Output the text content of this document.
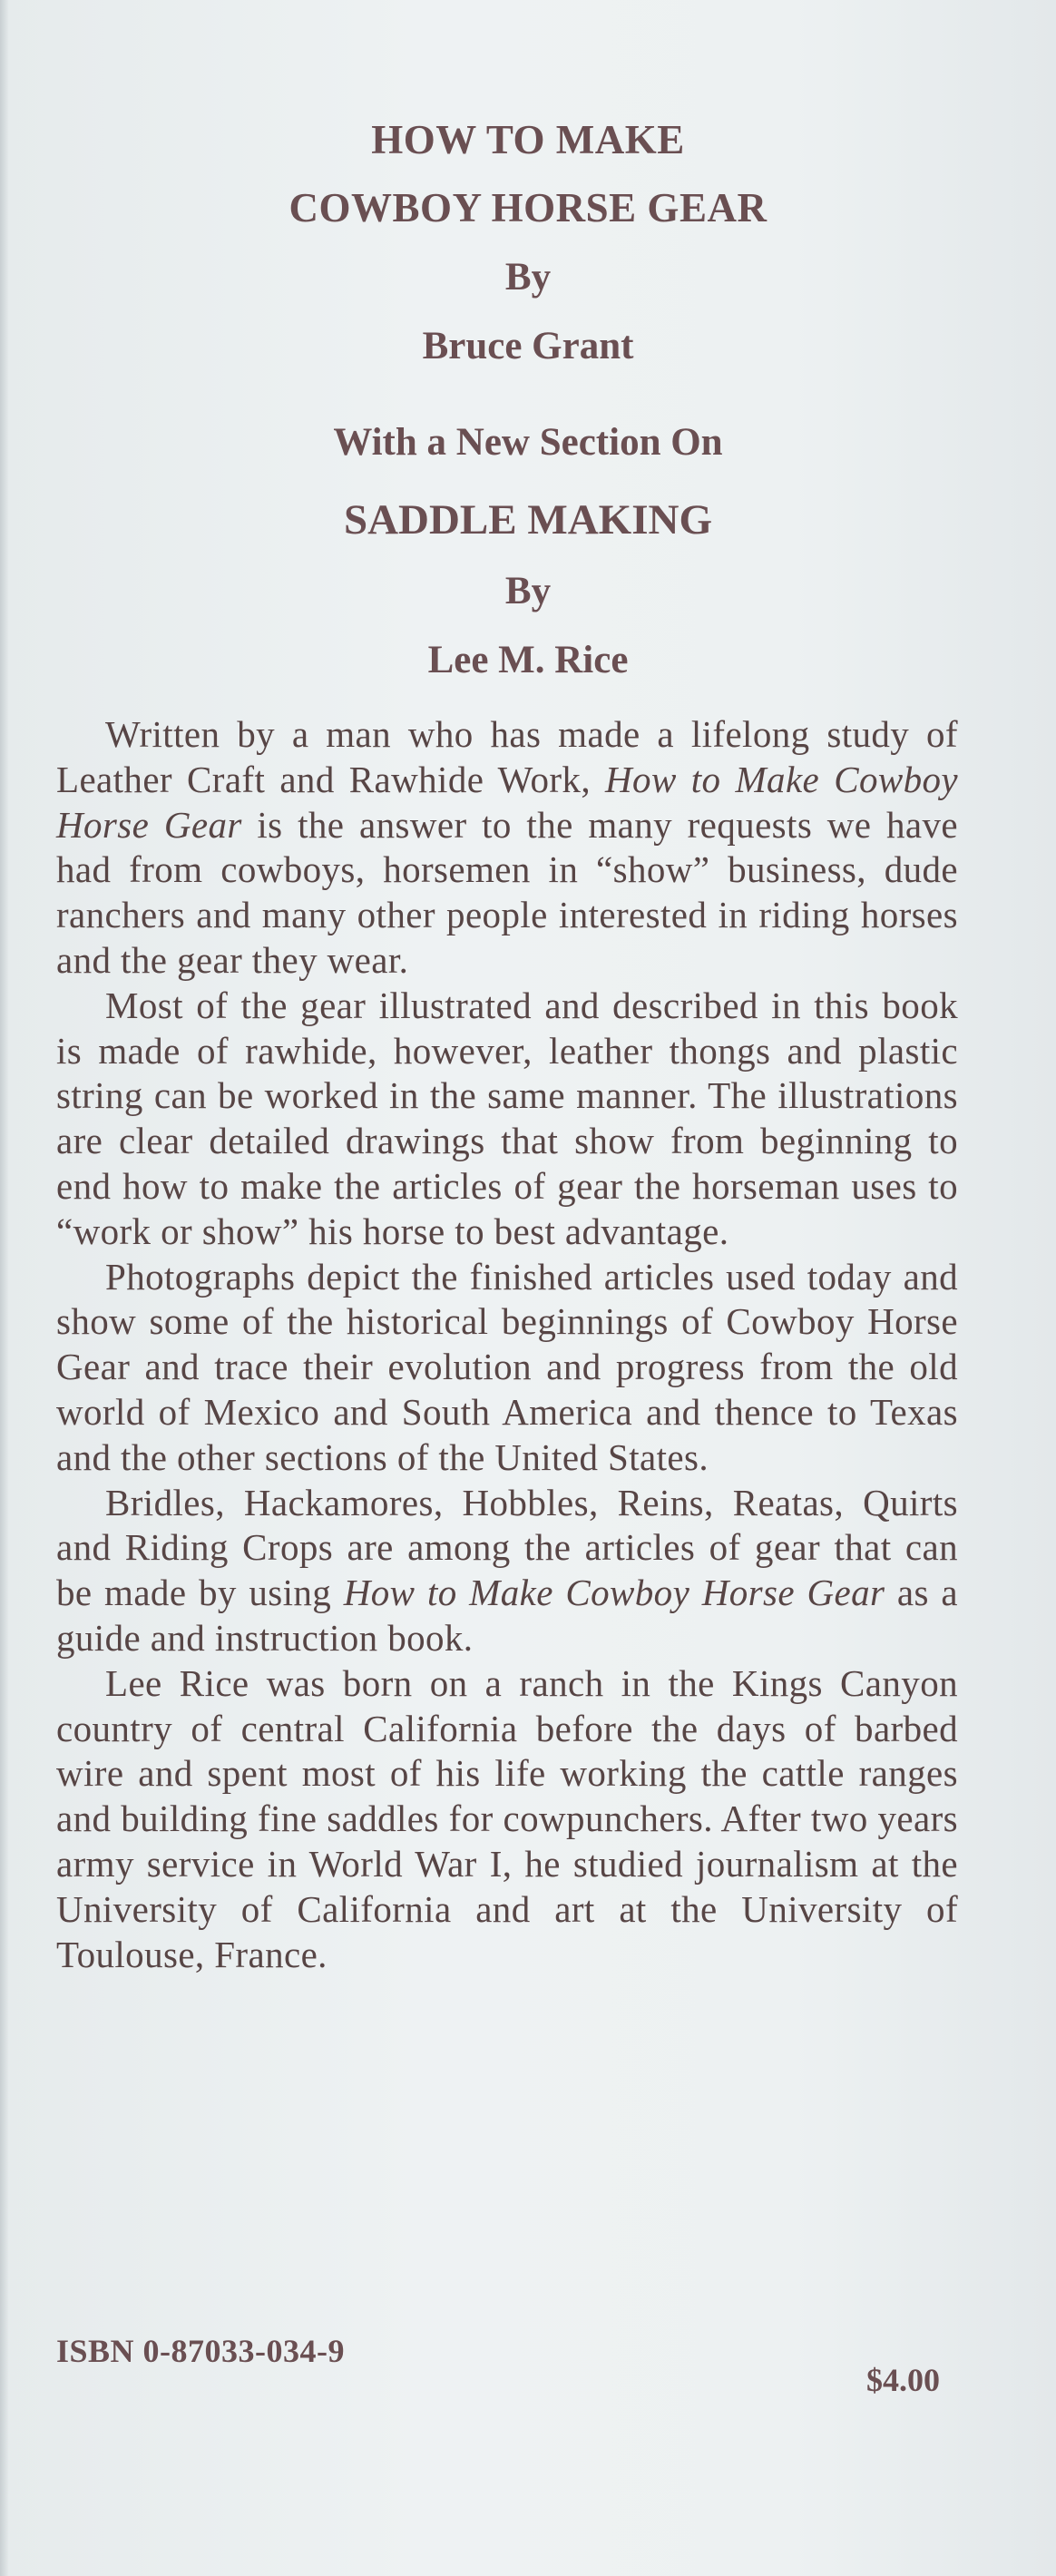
HOW TO MAKE
COWBOY HORSE GEAR
By
Bruce Grant
With a New Section On
SADDLE MAKING
By
Lee M. Rice

Written by a man who has made a lifelong study of Leather Craft and Rawhide Work, How to Make Cowboy Horse Gear is the answer to the many requests we have had from cowboys, horsemen in “show” business, dude ranchers and many other people interested in riding horses and the gear they wear.

Most of the gear illustrated and described in this book is made of rawhide, however, leather thongs and plastic string can be worked in the same manner. The illustrations are clear detailed drawings that show from beginning to end how to make the articles of gear the horseman uses to “work or show” his horse to best advantage.

Photographs depict the finished articles used today and show some of the historical beginnings of Cowboy Horse Gear and trace their evolution and progress from the old world of Mexico and South America and thence to Texas and the other sections of the United States.

Bridles, Hackamores, Hobbles, Reins, Reatas, Quirts and Riding Crops are among the articles of gear that can be made by using How to Make Cowboy Horse Gear as a guide and instruction book.

Lee Rice was born on a ranch in the Kings Canyon country of central California before the days of barbed wire and spent most of his life working the cattle ranges and building fine saddles for cowpunchers. After two years army service in World War I, he studied journalism at the University of California and art at the University of Toulouse, France.

ISBN 0-87033-034-9
$4.00
